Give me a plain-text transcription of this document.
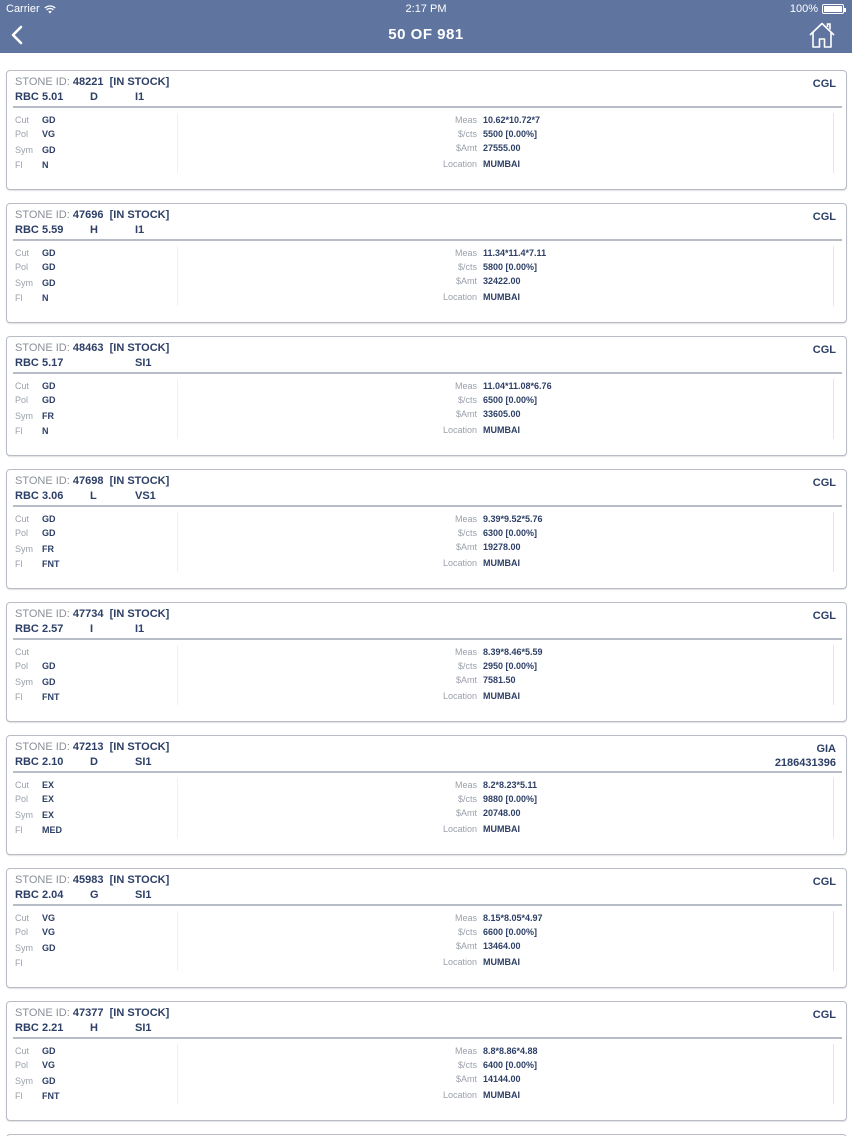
Carrier	2:17 PM	100%
50 OF 981
STONE ID: 48221 [IN STOCK]	CGL
RBC 5.01 D	I1
Cut GD
Pol VG
Sym GD
Fl N
Meas 10.62*10.72*7
$/cts 5500 [0.00%]
$Amt 27555.00
Location MUMBAI
STONE ID: 47696 [IN STOCK]	CGL
RBC 5.59 H	I1
Cut GD
Pol GD
Sym GD
Fl N
Meas 11.34*11.4*7.11
$/cts 5800 [0.00%]
$Amt 32422.00
Location MUMBAI
STONE ID: 48463 [IN STOCK]	CGL
RBC 5.17	SI1
Cut GD
Pol GD
Sym FR
Fl N
Meas 11.04*11.08*6.76
$/cts 6500 [0.00%]
$Amt 33605.00
Location MUMBAI
STONE ID: 47698 [IN STOCK]	CGL
RBC 3.06 L	VS1
Cut GD
Pol GD
Sym FR
Fl FNT
Meas 9.39*9.52*5.76
$/cts 6300 [0.00%]
$Amt 19278.00
Location MUMBAI
STONE ID: 47734 [IN STOCK]	CGL
RBC 2.57 I	I1
Cut
Pol GD
Sym GD
Fl FNT
Meas 8.39*8.46*5.59
$/cts 2950 [0.00%]
$Amt 7581.50
Location MUMBAI
STONE ID: 47213 [IN STOCK]	GIA
2186431396
RBC 2.10 D	SI1
Cut EX
Pol EX
Sym EX
Fl MED
Meas 8.2*8.23*5.11
$/cts 9880 [0.00%]
$Amt 20748.00
Location MUMBAI
STONE ID: 45983 [IN STOCK]	CGL
RBC 2.04 G	SI1
Cut VG
Pol VG
Sym GD
Fl
Meas 8.15*8.05*4.97
$/cts 6600 [0.00%]
$Amt 13464.00
Location MUMBAI
STONE ID: 47377 [IN STOCK]	CGL
RBC 2.21 H	SI1
Cut GD
Pol VG
Sym GD
Fl FNT
Meas 8.8*8.86*4.88
$/cts 6400 [0.00%]
$Amt 14144.00
Location MUMBAI
